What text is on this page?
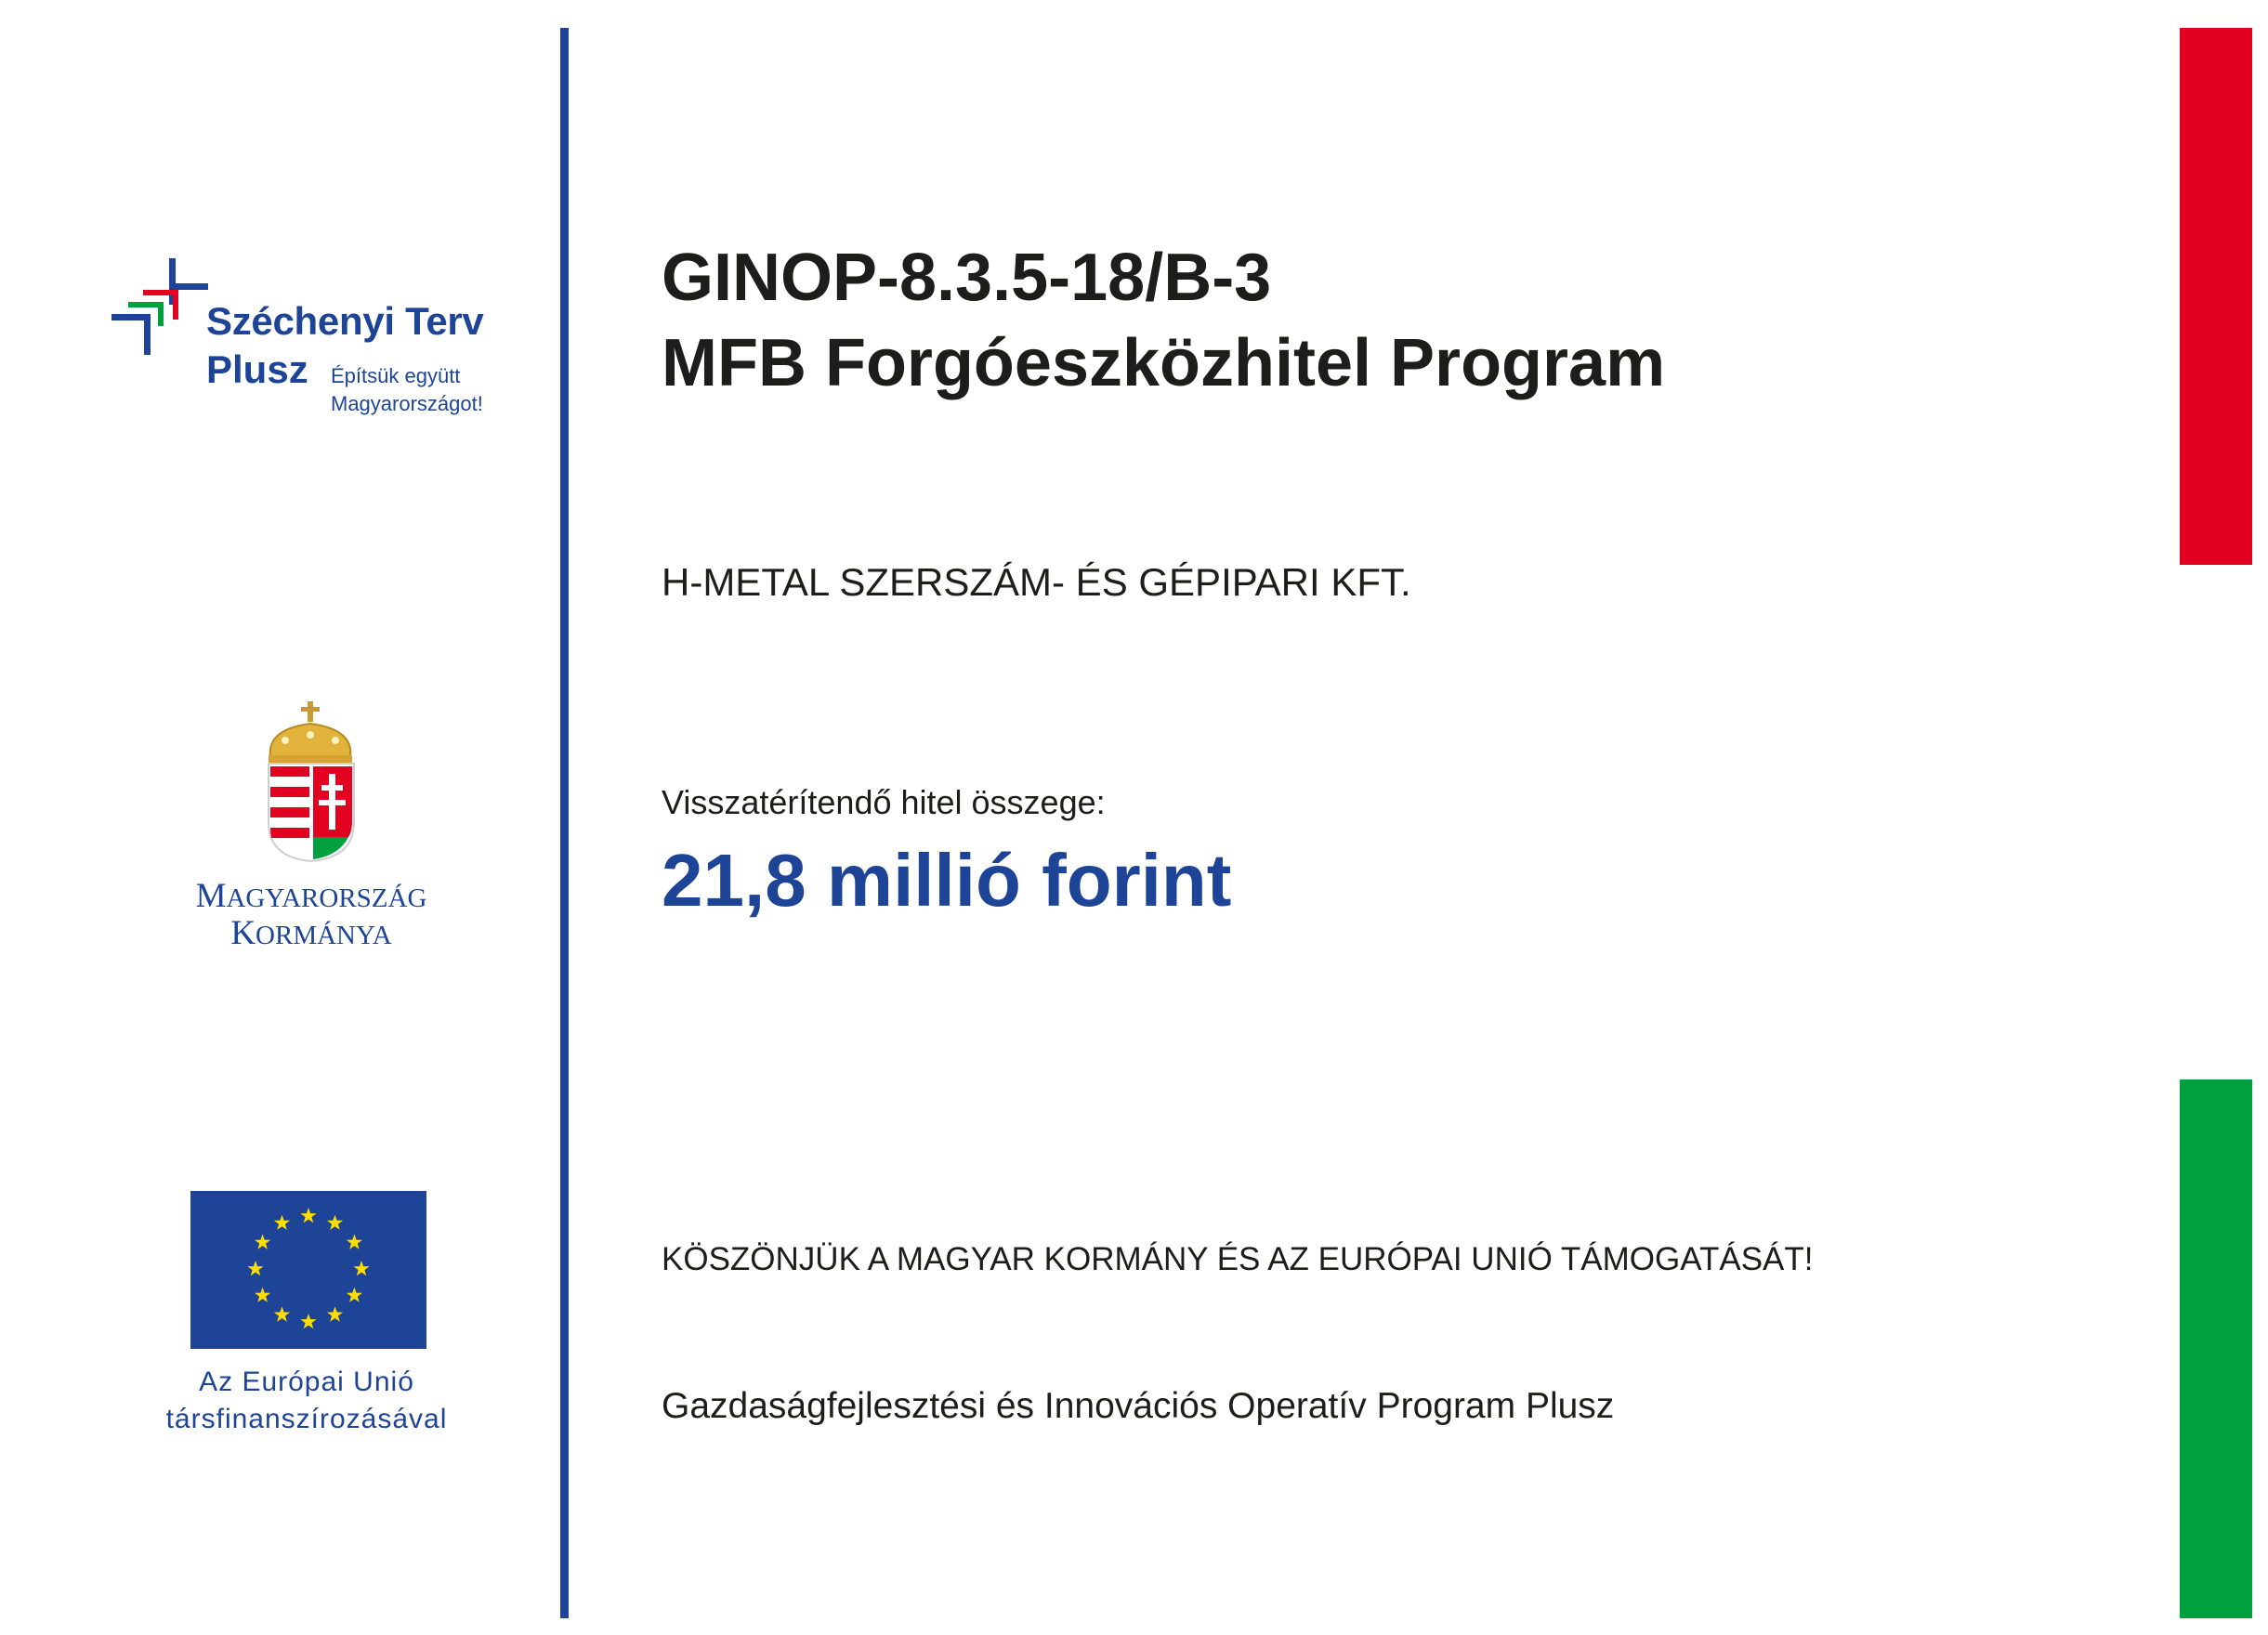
Széchenyi Terv
Plusz Építsük együtt
Magyarországot!
MAGYARORSZÁG
KORMÁNYA
Az Európai Unió
társfinanszírozásával
GINOP-8.3.5-18/B-3
MFB Forgóeszközhitel Program
H-METAL SZERSZÁM- ÉS GÉPIPARI KFT.
Visszatérítendő hitel összege:
21,8 millió forint
KÖSZÖNJÜK A MAGYAR KORMÁNY ÉS AZ EURÓPAI UNIÓ TÁMOGATÁSÁT!
Gazdaságfejlesztési és Innovációs Operatív Program Plusz
